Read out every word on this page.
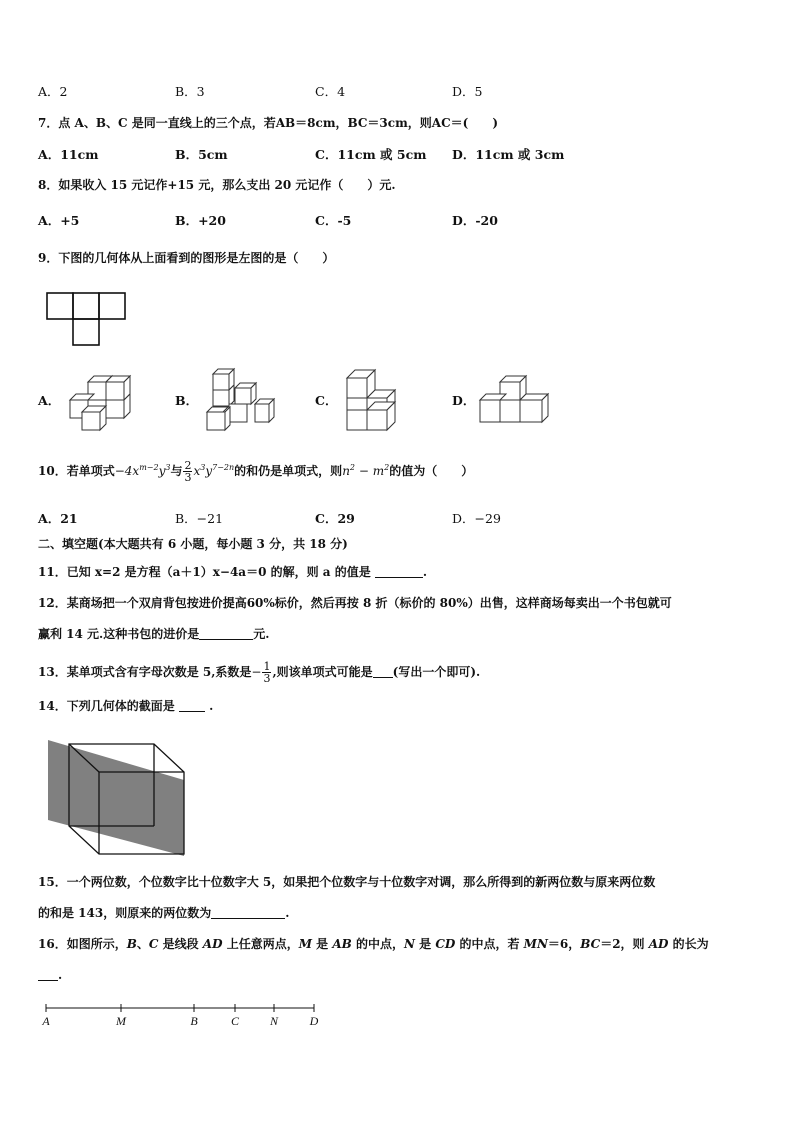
A．2	B．3	C．4	D．5
7．点 A、B、C 是同一直线上的三个点，若AB＝8cm，BC＝3cm，则AC＝(　　)
A．11cm	B．5cm	C．11cm 或 5cm D．11cm 或 3cm
8．如果收入 15 元记作+15 元，那么支出 20 元记作（　　）元.
A．+5	B．+20	C．-5	D．-20
9．下图的几何体从上面看到的图形是左图的是（　　）
A．	B．	C．	D．
10．若单项式$-4x^{m-2}y^3$与 $\frac{2}{3} x^3y^{7-2n}$的和仍是单项式，则$n^2 - m^2$的值为（　　）
A．21	B．−21	C．29	D．−29
二、填空题(本大题共有 6 小题，每小题 3 分，共 18 分)
11．已知 x=2 是方程（a＋1）x−4a＝0 的解，则 a 的值是	.
12．某商场把一个双肩背包按进价提高60%标价，然后再按 8 折（标价的 80%）出售，这样商场每卖出一个书包就可
赢利 14 元.这种书包的进价是	元.
13．某单项式含有字母次数是 5,系数是− $\frac{1}{3}$ ,则该单项式可能是 (写出一个即可).
14．下列几何体的截面是	.
15．一个两位数，个位数字比十位数字大 5，如果把个位数字与十位数字对调，那么所得到的新两位数与原来两位数
的和是 143，则原来的两位数为	.
16．如图所示，B、C 是线段 AD 上任意两点，M 是 AB 的中点，N 是 CD 的中点，若 MN＝6，BC＝2，则 AD 的长为
.
A	M	B	C	N	D
